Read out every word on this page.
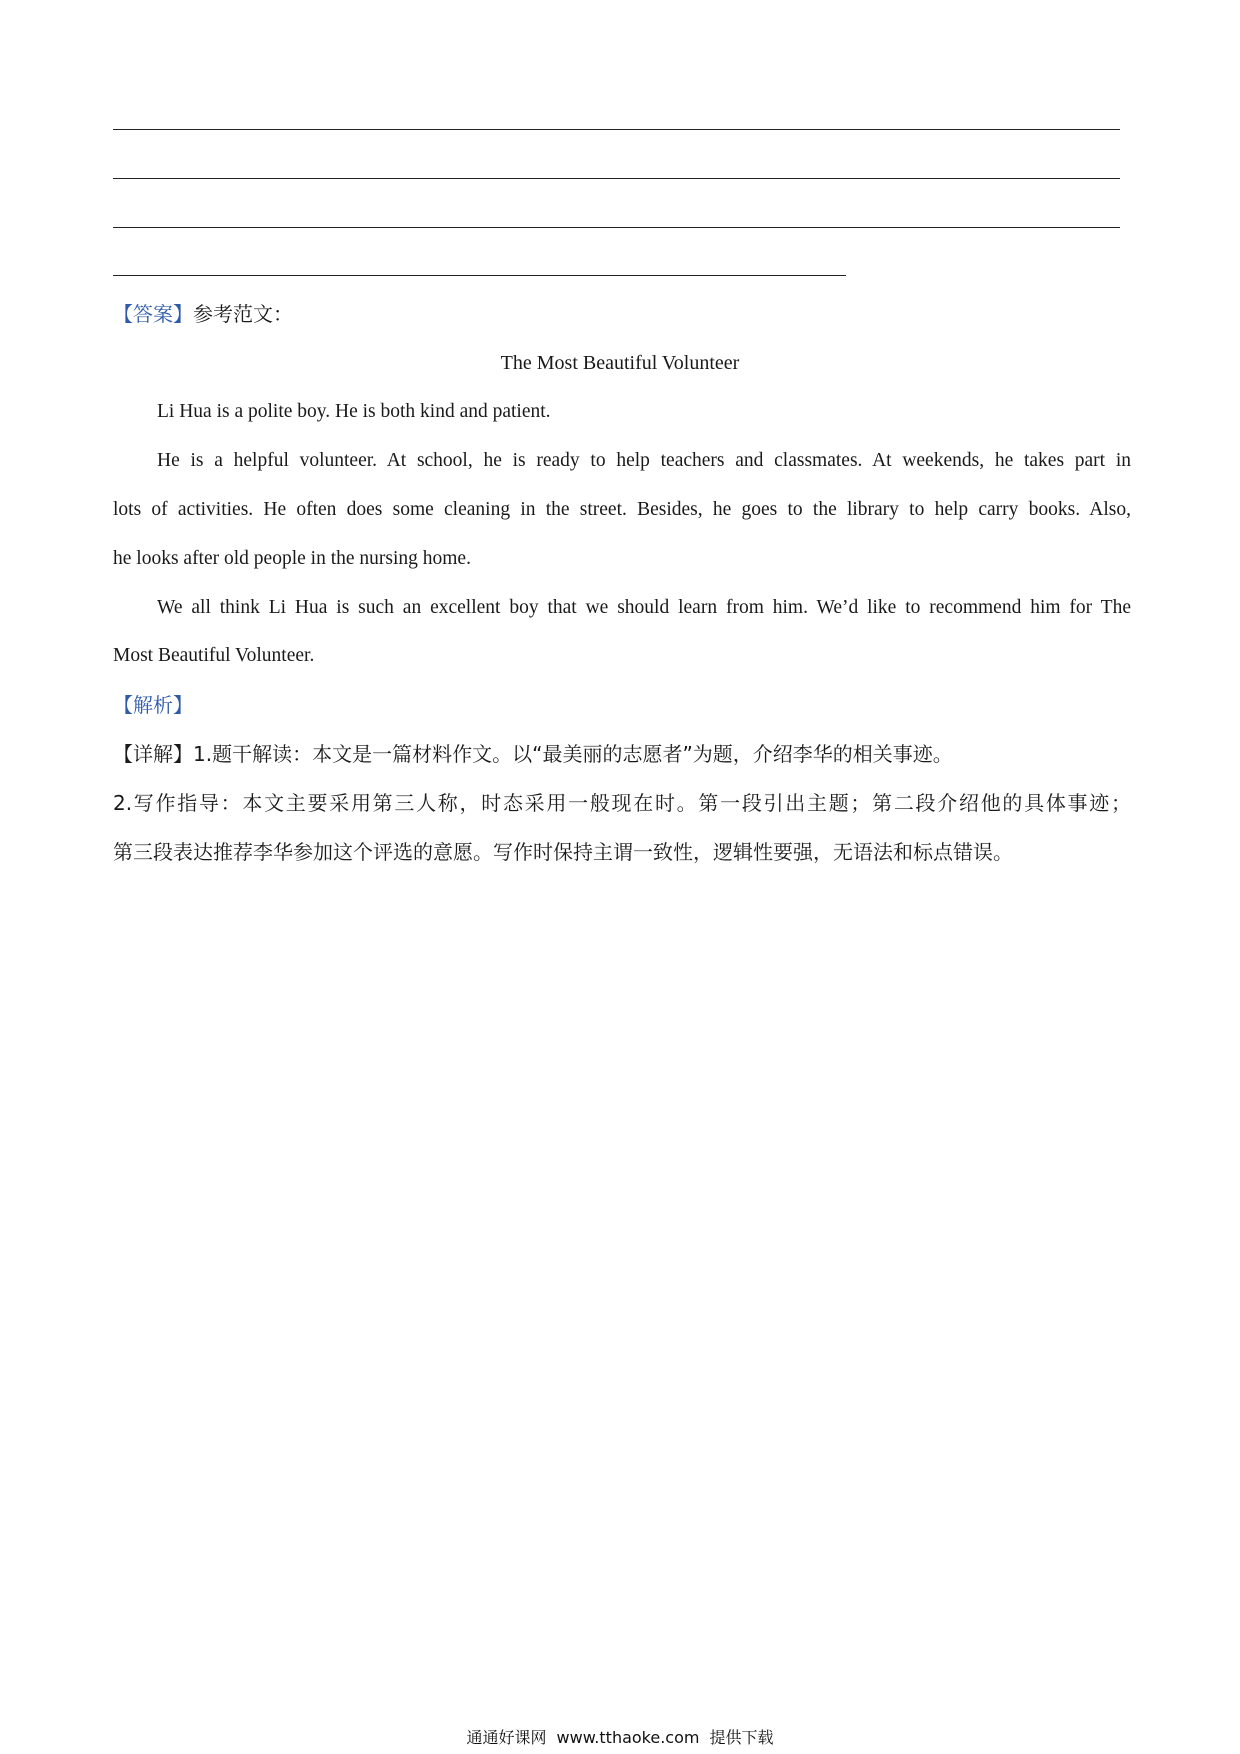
【答案】参考范文：
The Most Beautiful Volunteer
Li Hua is a polite boy. He is both kind and patient.
He is a helpful volunteer. At school, he is ready to help teachers and classmates. At weekends, he takes part in
lots of activities. He often does some cleaning in the street. Besides, he goes to the library to help carry books. Also,
he looks after old people in the nursing home.
We all think Li Hua is such an excellent boy that we should learn from him. We’d like to recommend him for The
Most Beautiful Volunteer.
【解析】
【详解】1.题干解读：本文是一篇材料作文。以“最美丽的志愿者”为题，介绍李华的相关事迹。
2.写作指导：本文主要采用第三人称，时态采用一般现在时。第一段引出主题；第二段介绍他的具体事迹；
第三段表达推荐李华参加这个评选的意愿。写作时保持主谓一致性，逻辑性要强，无语法和标点错误。
通通好课网 www.tthaoke.com 提供下载
